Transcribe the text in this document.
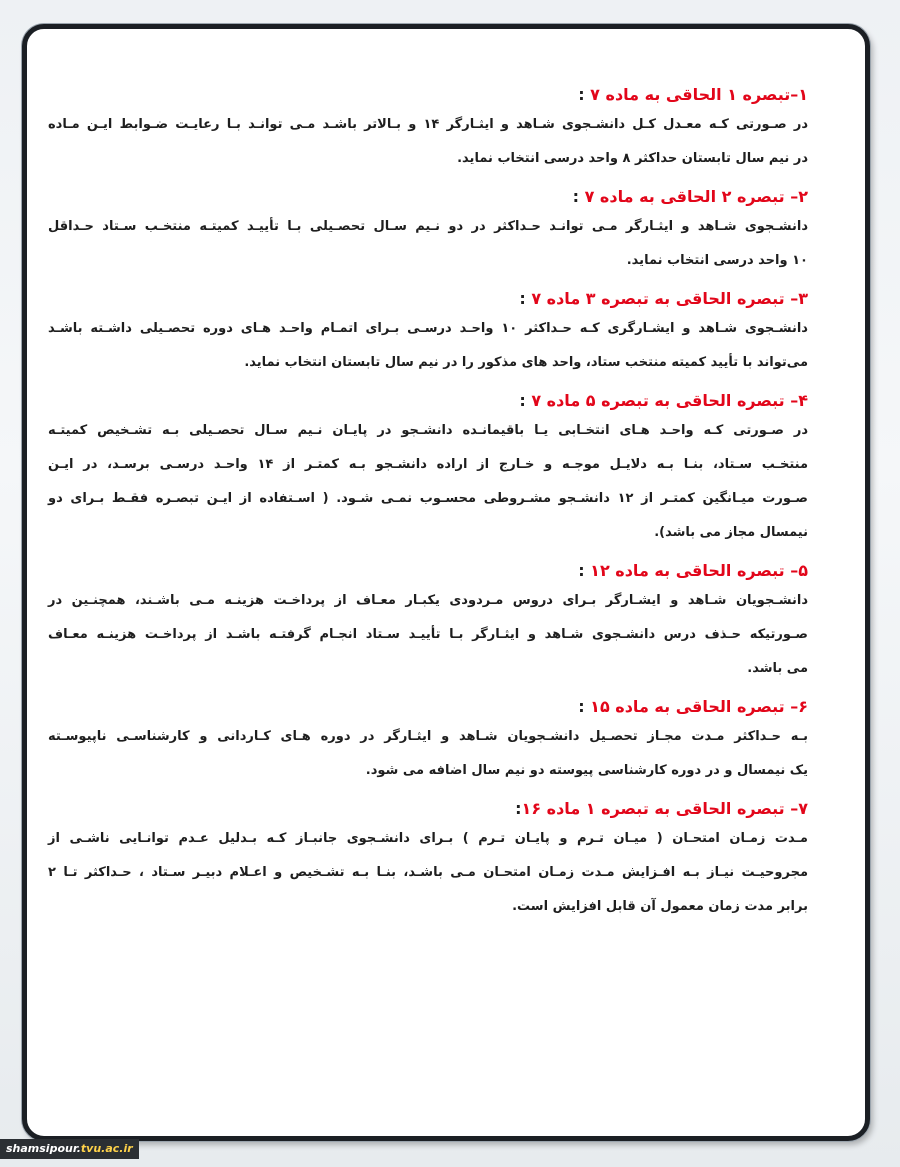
۱–تبصره ۱ الحاقی به ماده ۷ :
در صـورتی کـه معـدل کـل دانشـجوی شـاهد و ایثـارگر ۱۴ و بـالاتر باشـد مـی توانـد بـا رعایـت ضـوابط ایـن مـاده
در نیم سال تابستان حداکثر ۸ واحد درسی انتخاب نماید.
۲– تبصره ۲ الحاقی به ماده ۷ :
دانشـجوی شـاهد و ایثـارگر مـی توانـد حـداکثر در دو نـیم سـال تحصـیلی بـا تأییـد کمیتـه منتخـب سـتاد حـداقل
۱۰ واحد درسی انتخاب نماید.
۳– تبصره الحاقی به تبصره ۳ ماده ۷ :
دانشـجوی شـاهد و ایشـارگری کـه حـداکثر ۱۰ واحـد درسـی بـرای اتمـام واحـد هـای دوره تحصـیلی داشـته باشـد
می‌تواند با تأیید کمیته منتخب ستاد، واحد های مذکور را در نیم سال تابستان انتخاب نماید.
۴– تبصره الحاقی به تبصره ۵ ماده ۷ :
در صـورتی کـه واحـد هـای انتخـابی یـا باقیمانـده دانشـجو در پایـان نـیم سـال تحصـیلی بـه تشـخیص کمیتـه
منتخـب سـتاد، بنـا بـه دلایـل موجـه و خـارج از اراده دانشـجو بـه کمتـر از ۱۴ واحـد درسـی برسـد، در ایـن
صـورت میـانگین کمتـر از ۱۲ دانشـجو مشـروطی محسـوب نمـی شـود. ( اسـتفاده از ایـن تبصـره فقـط بـرای دو
نیمسال مجاز می باشد).
۵– تبصره الحاقی به ماده ۱۲ :
دانشـجویان شـاهد و ایشـارگر بـرای دروس مـردودی یکبـار معـاف از پرداخـت هزینـه مـی باشـند، همچنـین در
صـورتیکه حـذف درس دانشـجوی شـاهد و ایثـارگر بـا تأییـد سـتاد انجـام گرفتـه باشـد از پرداخـت هزینـه معـاف
می باشد.
۶– تبصره الحاقی به ماده ۱۵ :
بـه حـداکثر مـدت مجـاز تحصـیل دانشـجویان شـاهد و ایثـارگر در دوره هـای کـاردانی و کارشناسـی ناپیوسـته
یک نیمسال و در دوره کارشناسی پیوسته دو نیم سال اضافه می شود.
۷– تبصره الحاقی به تبصره ۱ ماده ۱۶:
مـدت زمـان امتحـان ( میـان تـرم و پایـان تـرم ) بـرای دانشـجوی جانبـاز کـه بـدلیل عـدم توانـایی ناشـی از
مجروحیـت نیـاز بـه افـزایش مـدت زمـان امتحـان مـی باشـد، بنـا بـه تشـخیص و اعـلام دبیـر سـتاد ، حـداکثر تـا ۲
برابر مدت زمان معمول آن قابل افزایش است.
shamsipour.tvu.ac.ir
